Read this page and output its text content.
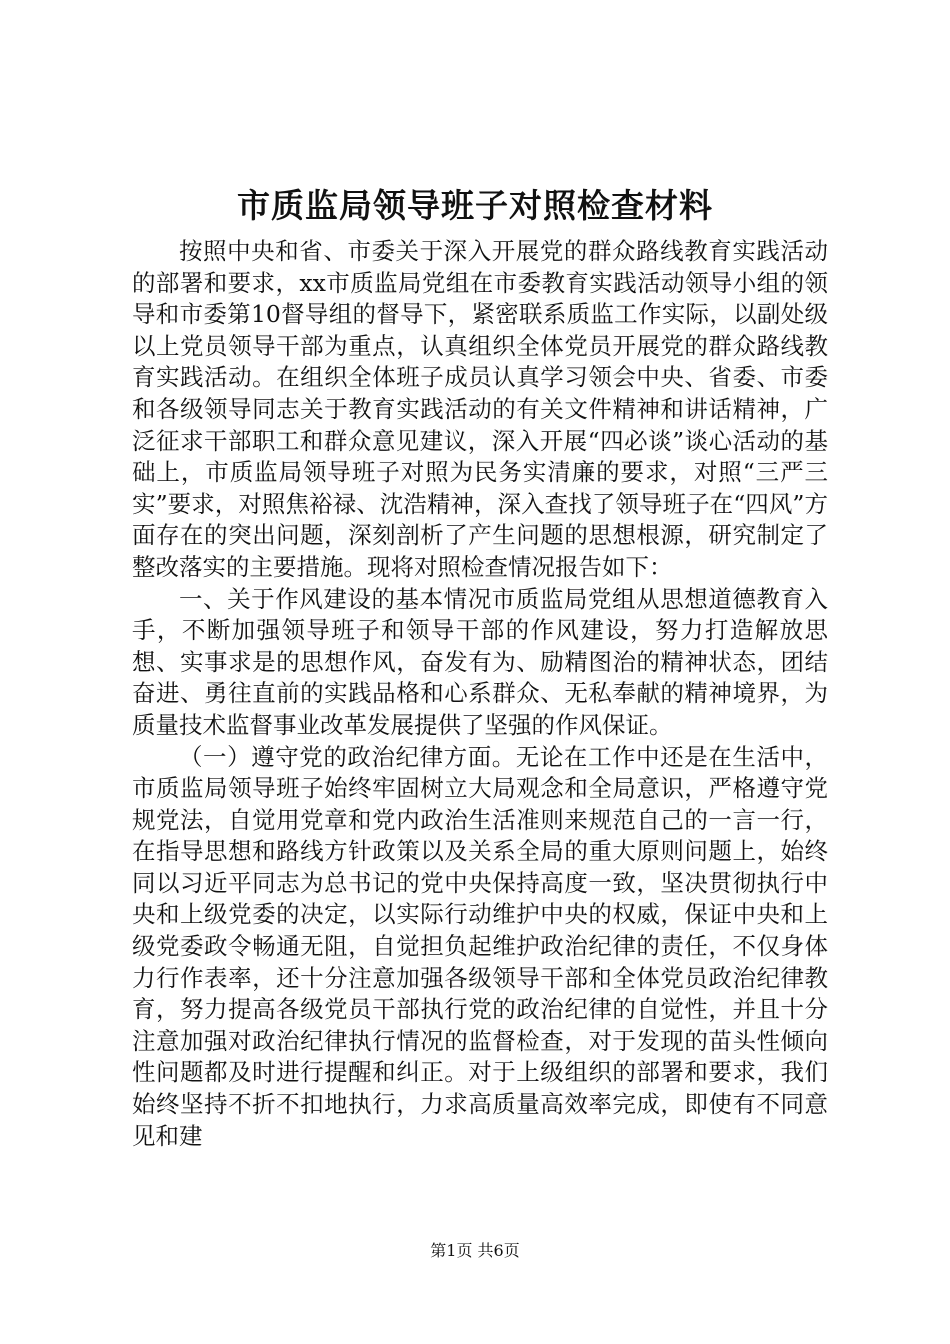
市质监局领导班子对照检查材料

按照中央和省、市委关于深入开展党的群众路线教育实践活动的部署和要求，xx市质监局党组在市委教育实践活动领导小组的领导和市委第10督导组的督导下，紧密联系质监工作实际，以副处级以上党员领导干部为重点，认真组织全体党员开展党的群众路线教育实践活动。在组织全体班子成员认真学习领会中央、省委、市委和各级领导同志关于教育实践活动的有关文件精神和讲话精神，广泛征求干部职工和群众意见建议，深入开展“四必谈”谈心活动的基础上，市质监局领导班子对照为民务实清廉的要求，对照“三严三实”要求，对照焦裕禄、沈浩精神，深入查找了领导班子在“四风”方面存在的突出问题，深刻剖析了产生问题的思想根源，研究制定了整改落实的主要措施。现将对照检查情况报告如下：

一、关于作风建设的基本情况市质监局党组从思想道德教育入手，不断加强领导班子和领导干部的作风建设，努力打造解放思想、实事求是的思想作风，奋发有为、励精图治的精神状态，团结奋进、勇往直前的实践品格和心系群众、无私奉献的精神境界，为质量技术监督事业改革发展提供了坚强的作风保证。

（一）遵守党的政治纪律方面。无论在工作中还是在生活中，市质监局领导班子始终牢固树立大局观念和全局意识，严格遵守党规党法，自觉用党章和党内政治生活准则来规范自己的一言一行，在指导思想和路线方针政策以及关系全局的重大原则问题上，始终同以习近平同志为总书记的党中央保持高度一致，坚决贯彻执行中央和上级党委的决定，以实际行动维护中央的权威，保证中央和上级党委政令畅通无阻，自觉担负起维护政治纪律的责任，不仅身体力行作表率，还十分注意加强各级领导干部和全体党员政治纪律教育，努力提高各级党员干部执行党的政治纪律的自觉性，并且十分注意加强对政治纪律执行情况的监督检查，对于发现的苗头性倾向性问题都及时进行提醒和纠正。对于上级组织的部署和要求，我们始终坚持不折不扣地执行，力求高质量高效率完成，即使有不同意见和建

第1页 共6页
